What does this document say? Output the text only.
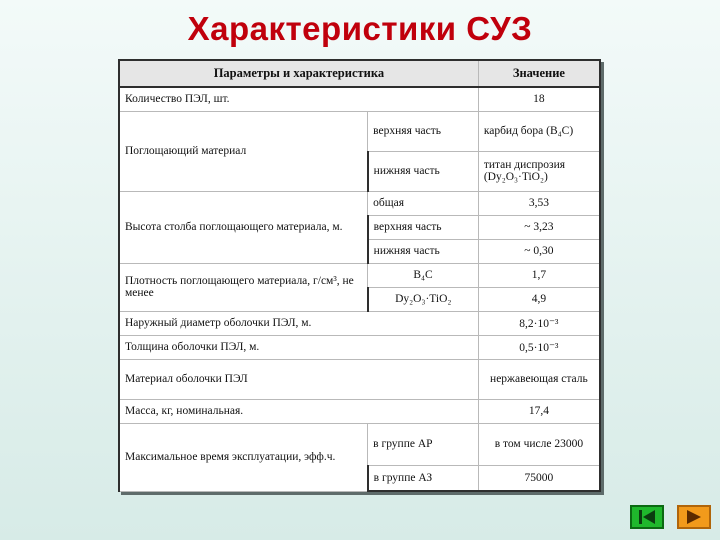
Характеристики СУЗ
Параметры и характеристика		Значение
Количество ПЭЛ, шт.		18
Поглощающий материал	верхняя часть	карбид бора (В₄С)
	нижняя часть	титан диспрозия (Dy₂O₃·TiO₂)
Высота столба поглощающего материала, м.	общая	3,53
	верхняя часть	~ 3,23
	нижняя часть	~ 0,30
Плотность поглощающего материала, г/см³, не менее	В₄С	1,7
	Dy₂O₃·TiO₂	4,9
Наружный диаметр оболочки ПЭЛ, м.		8,2·10⁻³
Толщина оболочки ПЭЛ, м.		0,5·10⁻³
Материал оболочки ПЭЛ		нержавеющая сталь
Масса, кг, номинальная.		17,4
Максимальное время эксплуатации, эфф.ч.	в группе АР	в том числе 23000
	в группе АЗ	75000
